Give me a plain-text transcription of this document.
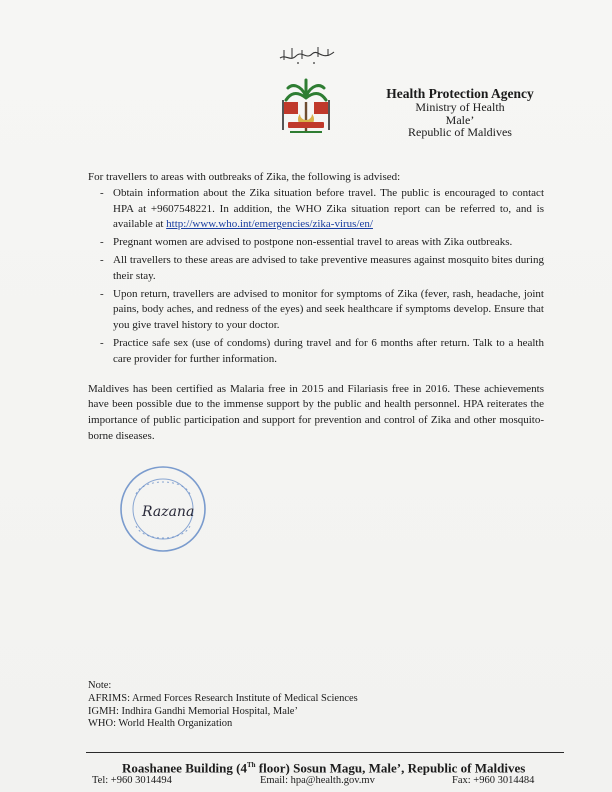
Health Protection Agency
Ministry of Health
Male’
Republic of Maldives

For travellers to areas with outbreaks of Zika, the following is advised:

- Obtain information about the Zika situation before travel. The public is encouraged to contact HPA at +9607548221. In addition, the WHO Zika situation report can be referred to, and is available at http://www.who.int/emergencies/zika-virus/en/
- Pregnant women are advised to postpone non-essential travel to areas with Zika outbreaks.
- All travellers to these areas are advised to take preventive measures against mosquito bites during their stay.
- Upon return, travellers are advised to monitor for symptoms of Zika (fever, rash, headache, joint pains, body aches, and redness of the eyes) and seek healthcare if symptoms develop. Ensure that you give travel history to your doctor.
- Practice safe sex (use of condoms) during travel and for 6 months after return. Talk to a health care provider for further information.

Maldives has been certified as Malaria free in 2015 and Filariasis free in 2016. These achievements have been possible due to the immense support by the public and health personnel. HPA reiterates the importance of public participation and support for prevention and control of Zika and other mosquito-borne diseases.

Razana
Note:
AFRIMS: Armed Forces Research Institute of Medical Sciences
IGMH: Indhira Gandhi Memorial Hospital, Male’
WHO: World Health Organization
Roashanee Building (4Th floor) Sosun Magu, Male’, Republic of Maldives
Tel: +960 3014494	Email: hpa@health.gov.mv	Fax: +960 3014484
